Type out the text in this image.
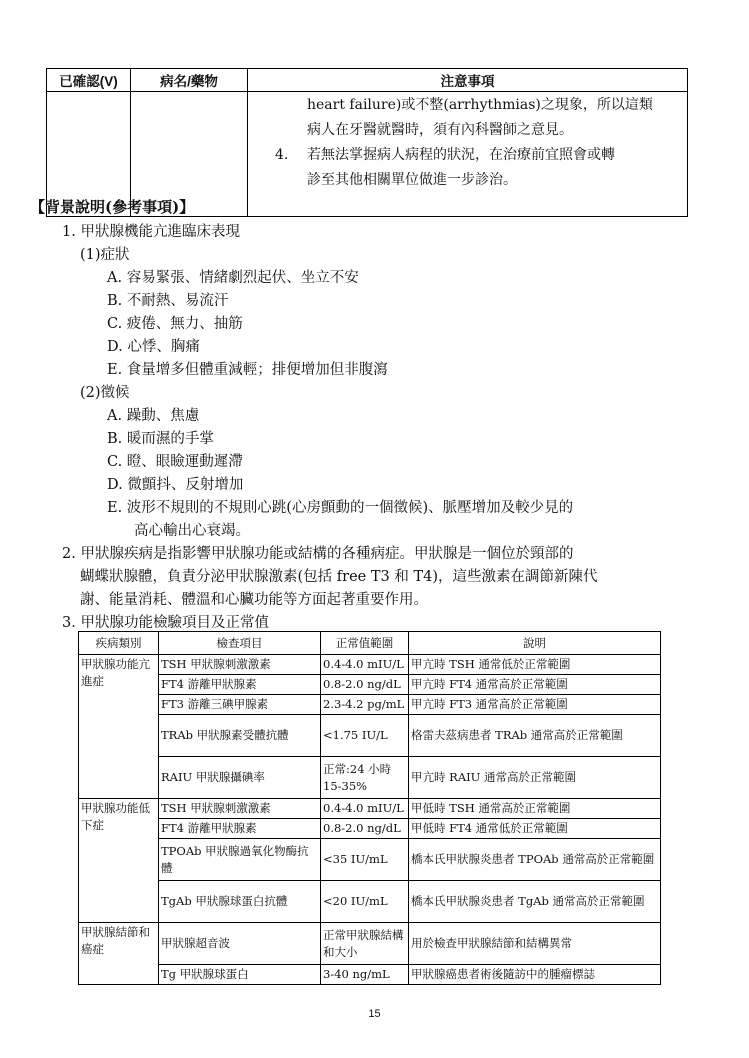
已確認(V)	病名/藥物	注意事項

		heart failure)或不整(arrhythmias)之現象，所以這類
病人在牙醫就醫時，須有內科醫師之意見。
4. 若無法掌握病人病程的狀況，在治療前宜照會或轉
診至其他相關單位做進一步診治。
【背景說明(參考事項)】
1. 甲狀腺機能亢進臨床表現
(1)症狀
A. 容易緊張、情緒劇烈起伏、坐立不安
B. 不耐熱、易流汗
C. 疲倦、無力、抽筋
D. 心悸、胸痛
E. 食量增多但體重減輕；排便增加但非腹瀉
(2)徵候
A. 躁動、焦慮
B. 暖而濕的手掌
C. 瞪、眼瞼運動遲滯
D. 微顫抖、反射增加
E. 波形不規則的不規則心跳(心房顫動的一個徵候)、脈壓增加及較少見的
高心輸出心衰竭。
2. 甲狀腺疾病是指影響甲狀腺功能或結構的各種病症。甲狀腺是一個位於頸部的
蝴蝶狀腺體，負責分泌甲狀腺激素(包括 free T3 和 T4)，這些激素在調節新陳代
謝、能量消耗、體溫和心臟功能等方面起著重要作用。
3. 甲狀腺功能檢驗項目及正常值
疾病類別	檢查項目	正常值範圍	說明
甲狀腺功能亢進症	TSH 甲狀腺刺激激素	0.4-4.0 mIU/L	甲亢時 TSH 通常低於正常範圍
	FT4 游離甲狀腺素	0.8-2.0 ng/dL	甲亢時 FT4 通常高於正常範圍
	FT3 游離三碘甲腺素	2.3-4.2 pg/mL	甲亢時 FT3 通常高於正常範圍
	TRAb 甲狀腺素受體抗體	<1.75 IU/L	格雷夫茲病患者 TRAb 通常高於正常範圍
	RAIU 甲狀腺攝碘率	正常:24 小時 15-35%	甲亢時 RAIU 通常高於正常範圍
甲狀腺功能低下症	TSH 甲狀腺刺激激素	0.4-4.0 mIU/L	甲低時 TSH 通常高於正常範圍
	FT4 游離甲狀腺素	0.8-2.0 ng/dL	甲低時 FT4 通常低於正常範圍
	TPOAb 甲狀腺過氧化物酶抗體	<35 IU/mL	橋本氏甲狀腺炎患者 TPOAb 通常高於正常範圍
	TgAb 甲狀腺球蛋白抗體	<20 IU/mL	橋本氏甲狀腺炎患者 TgAb 通常高於正常範圍
甲狀腺結節和癌症	甲狀腺超音波	正常甲狀腺結構和大小	用於檢查甲狀腺結節和結構異常
	Tg 甲狀腺球蛋白	3-40 ng/mL	甲狀腺癌患者術後隨訪中的腫瘤標誌
15
